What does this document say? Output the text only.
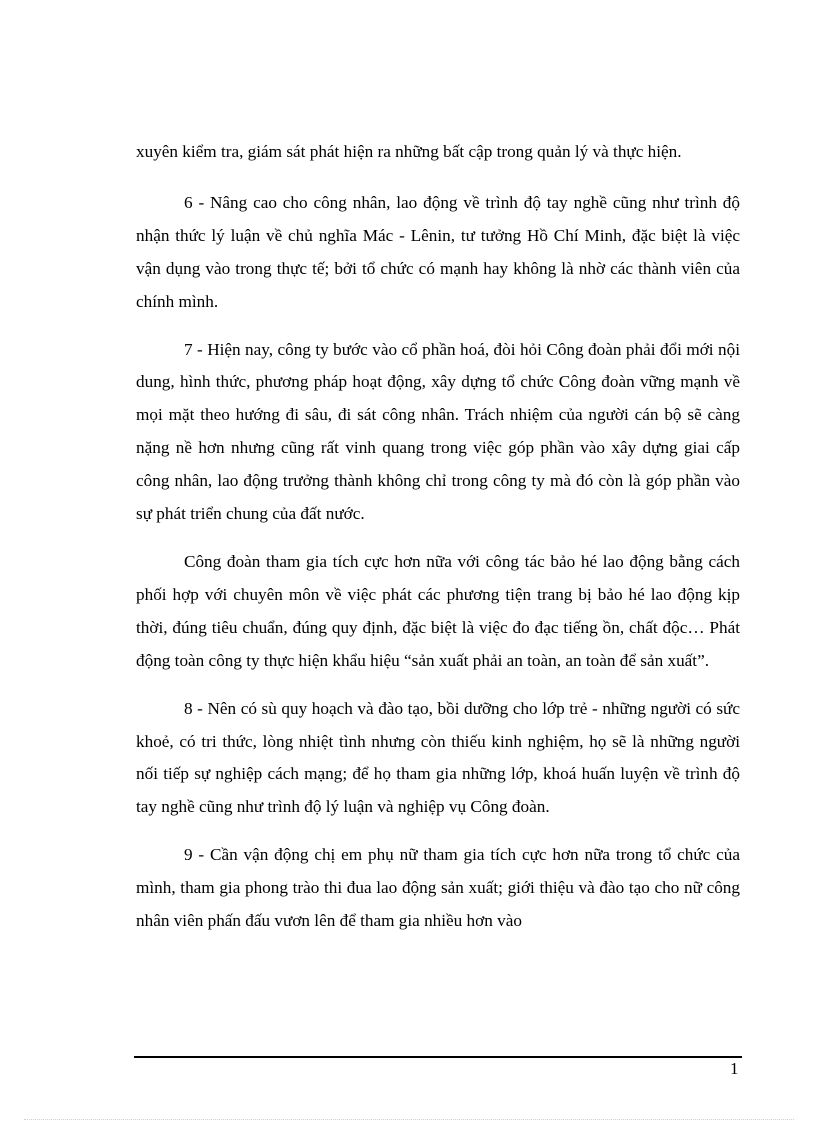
xuyên kiểm tra, giám sát phát hiện ra những bất cập trong quản lý và thực hiện.

6 - Nâng cao cho công nhân, lao động về trình độ tay nghề cũng như trình độ nhận thức lý luận về chủ nghĩa Mác - Lênin, tư tưởng Hồ Chí Minh, đặc biệt là việc vận dụng vào trong thực tế; bởi tổ chức có mạnh hay không là nhờ các thành viên của chính mình.

7 - Hiện nay, công ty bước vào cổ phần hoá, đòi hỏi Công đoàn phải đổi mới nội dung, hình thức, phương pháp hoạt động, xây dựng tổ chức Công đoàn vững mạnh về mọi mặt theo hướng đi sâu, đi sát công nhân. Trách nhiệm của người cán bộ sẽ càng nặng nề hơn nhưng cũng rất vinh quang trong việc góp phần vào xây dựng giai cấp công nhân, lao động trưởng thành không chỉ trong công ty mà đó còn là góp phần vào sự phát triển chung của đất nước.

Công đoàn tham gia tích cực hơn nữa với công tác bảo hé lao động bằng cách phối hợp với chuyên môn về việc phát các phương tiện trang bị bảo hé lao động kịp thời, đúng tiêu chuẩn, đúng quy định, đặc biệt là việc đo đạc tiếng ồn, chất độc… Phát động toàn công ty thực hiện khẩu hiệu “sản xuất phải an toàn, an toàn để sản xuất”.

8 - Nên có sù quy hoạch và đào tạo, bồi dưỡng cho lớp trẻ - những người có sức khoẻ, có tri thức, lòng nhiệt tình nhưng còn thiếu kinh nghiệm, họ sẽ là những người nối tiếp sự nghiệp cách mạng; để họ tham gia những lớp, khoá huấn luyện về trình độ tay nghề cũng như trình độ lý luận và nghiệp vụ Công đoàn.

9 - Cần vận động chị em phụ nữ tham gia tích cực hơn nữa trong tổ chức của mình, tham gia phong trào thi đua lao động sản xuất; giới thiệu và đào tạo cho nữ công nhân viên phấn đấu vươn lên để tham gia nhiều hơn vào

1
